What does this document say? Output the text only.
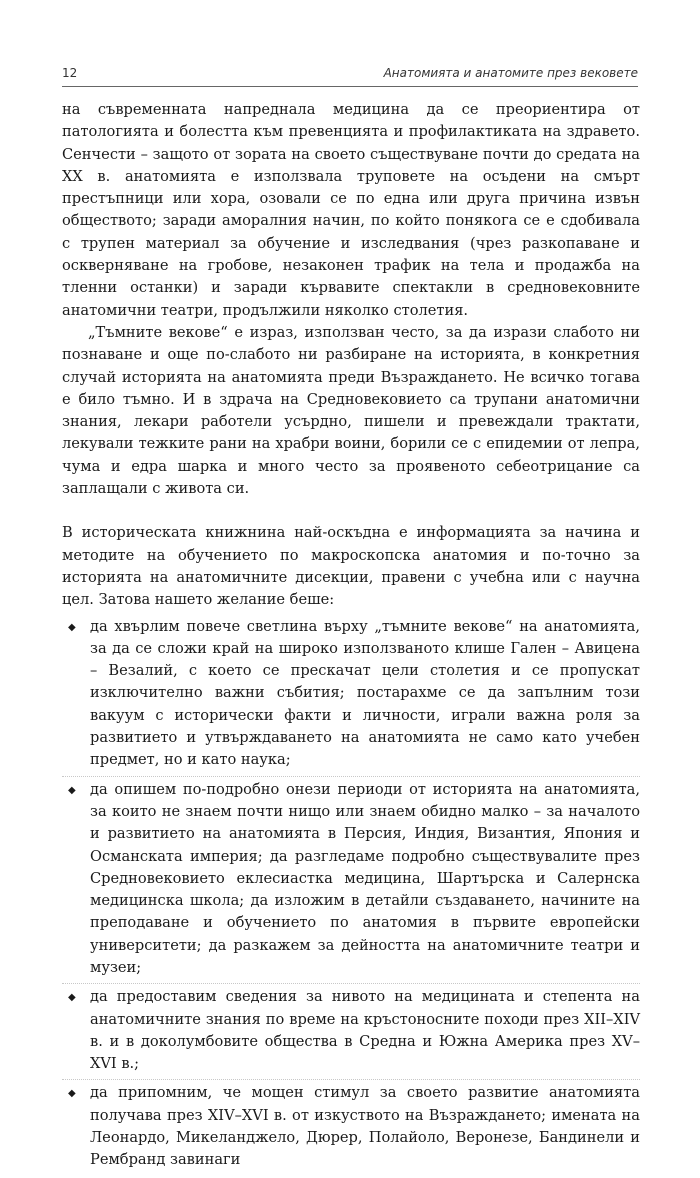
12	Анатомията и анатомите през вековете

на съвременната напреднала медицина да се преориентира от патологията и болестта към превенцията и профилактиката на здравето. Сенчести – защото от зората на своето съществуване почти до средата на XX в. анатомията е използвала труповете на осъдени на смърт престъпници или хора, озовали се по една или друга причина извън обществото; заради аморалния начин, по който понякога се е сдобивала с трупен материал за обучение и изследвания (чрез разкопаване и оскверняване на гробове, незаконен трафик на тела и продажба на тленни останки) и заради кървавите спектакли в средновековните анатомични театри, продължили няколко столетия.

„Тъмните векове“ е израз, използван често, за да изрази слабото ни познаване и още по-слабото ни разбиране на историята, в конкретния случай историята на анатомията преди Възраждането. Не всичко тогава е било тъмно. И в здрача на Средновековието са трупани анатомични знания, лекари работели усърдно, пишели и превеждали трактати, лекували тежките рани на храбри воини, борили се с епидемии от лепра, чума и едра шарка и много често за проявеното себеотрицание са заплащали с живота си.

В историческата книжнина най-оскъдна е информацията за начина и методите на обучението по макроскопска анатомия и по-точно за историята на анатомичните дисекции, правени с учебна или с научна цел. Затова нашето желание беше:

◆ да хвърлим повече светлина върху „тъмните векове“ на анатомията, за да се сложи край на широко използваното клише Гален – Авицена – Везалий, с което се прескачат цели столетия и се пропускат изключително важни събития; постарахме се да запълним този вакуум с исторически факти и личности, играли важна роля за развитието и утвърждаването на анатомията не само като учебен предмет, но и като наука;
◆ да опишем по-подробно онези периоди от историята на анатомията, за които не знаем почти нищо или знаем обидно малко – за началото и развитието на анатомията в Персия, Индия, Византия, Япония и Османската империя; да разгледаме подробно съществувалите през Средновековието еклесиастка медицина, Шартърска и Салернска медицинска школа; да изложим в детайли създаването, начините на преподаване и обучението по анатомия в първите европейски университети; да разкажем за дейността на анатомичните театри и музеи;
◆ да предоставим сведения за нивото на медицината и степента на анатомичните знания по време на кръстоносните походи през XII–XIV в. и в доколумбовите общества в Средна и Южна Америка през XV–XVI в.;
◆ да припомним, че мощен стимул за своето развитие анатомията получава през XIV–XVI в. от изкуството на Възраждането; имената на Леонардо, Микеланджело, Дюрер, Полайоло, Веронезе, Бандинели и Рембранд завинаги
